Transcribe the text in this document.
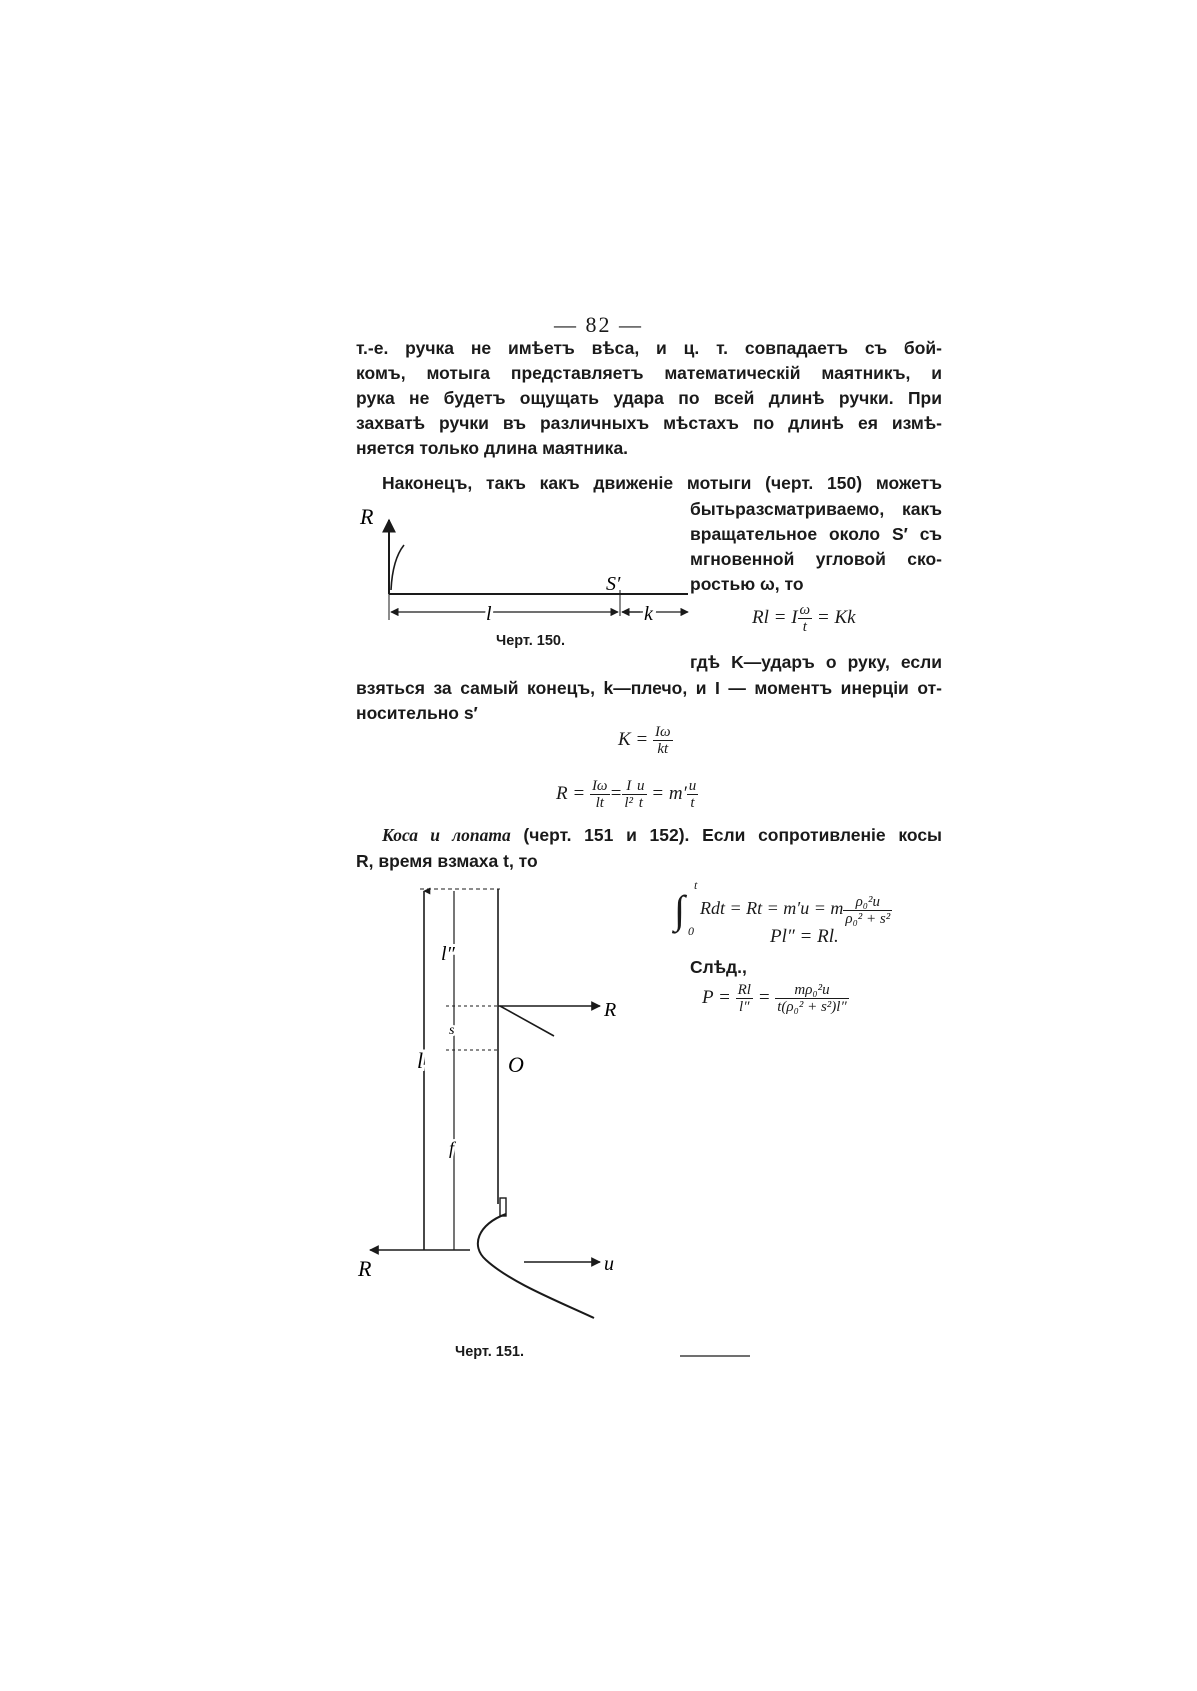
— 82 —
т.-е. ручка не имѣетъ вѣса, и ц. т. совпадаетъ съ бой-
комъ, мотыга представляетъ математическій маятникъ, и
рука не будетъ ощущать удара по всей длинѣ ручки. При
захватѣ ручки въ различныхъ мѣстахъ по длинѣ ея измѣ-
няется только длина маятника.
Наконецъ, такъ какъ движеніе мотыги (черт. 150) можетъ
бытьразсматриваемо, какъ
вращательное около S′ съ
мгновенной угловой ско-
ростью ω, то
Rl = I $\frac{\omega}{t} = Kk$
гдѣ K—ударъ о руку, если
взяться за самый конецъ, k—плечо, и I — моментъ инерціи от-
носительно s′
$K = \frac{I\omega}{kt}$
$R = \frac{I\omega}{lt} = \frac{I}{\text{l²}} \frac{u}{t} = m' \frac{u}{t}$
Коса и лопата (черт. 151 и 152). Если сопротивленіе косы
R, время взмаха t, то
∫
t
0
Rdt = Rt = m′u = m $\frac{\text{ρ₀²u}}{\text{ρ₀² + s²}}$
Pl″ = Rl.
Слѣд.,
$P = \frac{Rl}{l''} = \frac{\text{mρ₀²u}}{\text{t(ρ₀² + s²)l″}}$
R
S′
l	k
l″
s
l
f
O
R
R	u
Черт. 150.
Черт. 151.
